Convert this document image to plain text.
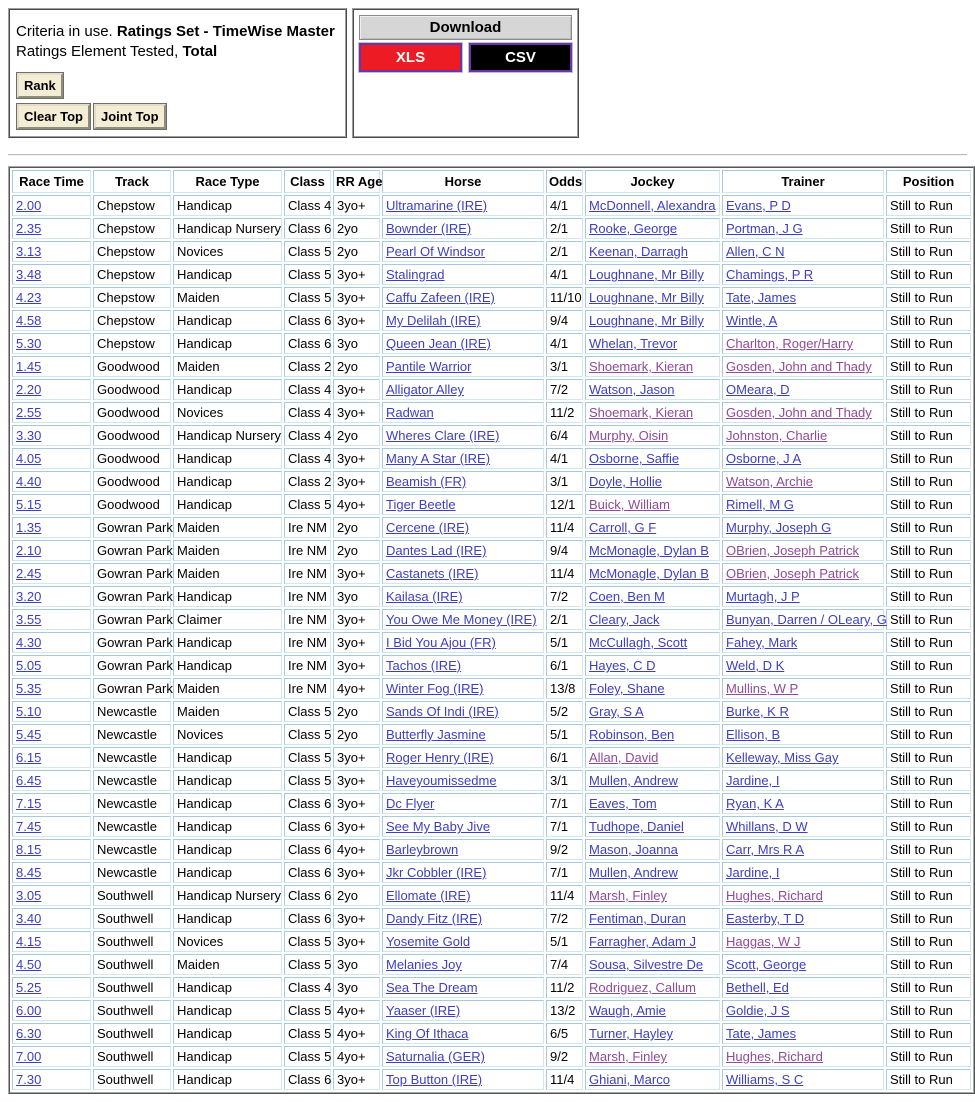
Criteria in use. Ratings Set - TimeWise Master
Ratings Element Tested, Total
Rank
Clear Top Joint Top
Download
XLS	CSV
Race Time	Track	Race Type	Class	RR Age	Horse	Odds	Jockey	Trainer	Position
2.00	Chepstow	Handicap	Class 4	3yo+	Ultramarine (IRE)	4/1	McDonnell, Alexandra	Evans, P D	Still to Run
2.35	Chepstow	Handicap Nursery	Class 6	2yo	Bownder (IRE)	2/1	Rooke, George	Portman, J G	Still to Run
3.13	Chepstow	Novices	Class 5	2yo	Pearl Of Windsor	2/1	Keenan, Darragh	Allen, C N	Still to Run
3.48	Chepstow	Handicap	Class 5	3yo+	Stalingrad	4/1	Loughnane, Mr Billy	Chamings, P R	Still to Run
4.23	Chepstow	Maiden	Class 5	3yo+	Caffu Zafeen (IRE)	11/10	Loughnane, Mr Billy	Tate, James	Still to Run
4.58	Chepstow	Handicap	Class 6	3yo+	My Delilah (IRE)	9/4	Loughnane, Mr Billy	Wintle, A	Still to Run
5.30	Chepstow	Handicap	Class 6	3yo	Queen Jean (IRE)	4/1	Whelan, Trevor	Charlton, Roger/Harry	Still to Run
1.45	Goodwood	Maiden	Class 2	2yo	Pantile Warrior	3/1	Shoemark, Kieran	Gosden, John and Thady	Still to Run
2.20	Goodwood	Handicap	Class 4	3yo+	Alligator Alley	7/2	Watson, Jason	OMeara, D	Still to Run
2.55	Goodwood	Novices	Class 4	3yo+	Radwan	11/2	Shoemark, Kieran	Gosden, John and Thady	Still to Run
3.30	Goodwood	Handicap Nursery	Class 4	2yo	Wheres Clare (IRE)	6/4	Murphy, Oisin	Johnston, Charlie	Still to Run
4.05	Goodwood	Handicap	Class 4	3yo+	Many A Star (IRE)	4/1	Osborne, Saffie	Osborne, J A	Still to Run
4.40	Goodwood	Handicap	Class 2	3yo+	Beamish (FR)	3/1	Doyle, Hollie	Watson, Archie	Still to Run
5.15	Goodwood	Handicap	Class 5	4yo+	Tiger Beetle	12/1	Buick, William	Rimell, M G	Still to Run
1.35	Gowran Park	Maiden	Ire NM	2yo	Cercene (IRE)	11/4	Carroll, G F	Murphy, Joseph G	Still to Run
2.10	Gowran Park	Maiden	Ire NM	2yo	Dantes Lad (IRE)	9/4	McMonagle, Dylan B	OBrien, Joseph Patrick	Still to Run
2.45	Gowran Park	Maiden	Ire NM	3yo+	Castanets (IRE)	11/4	McMonagle, Dylan B	OBrien, Joseph Patrick	Still to Run
3.20	Gowran Park	Handicap	Ire NM	3yo	Kailasa (IRE)	7/2	Coen, Ben M	Murtagh, J P	Still to Run
3.55	Gowran Park	Claimer	Ire NM	3yo+	You Owe Me Money (IRE)	2/1	Cleary, Jack	Bunyan, Darren / OLeary, G	Still to Run
4.30	Gowran Park	Handicap	Ire NM	3yo+	I Bid You Ajou (FR)	5/1	McCullagh, Scott	Fahey, Mark	Still to Run
5.05	Gowran Park	Handicap	Ire NM	3yo+	Tachos (IRE)	6/1	Hayes, C D	Weld, D K	Still to Run
5.35	Gowran Park	Maiden	Ire NM	4yo+	Winter Fog (IRE)	13/8	Foley, Shane	Mullins, W P	Still to Run
5.10	Newcastle	Maiden	Class 5	2yo	Sands Of Indi (IRE)	5/2	Gray, S A	Burke, K R	Still to Run
5.45	Newcastle	Novices	Class 5	2yo	Butterfly Jasmine	5/1	Robinson, Ben	Ellison, B	Still to Run
6.15	Newcastle	Handicap	Class 5	3yo+	Roger Henry (IRE)	6/1	Allan, David	Kelleway, Miss Gay	Still to Run
6.45	Newcastle	Handicap	Class 5	3yo+	Haveyoumissedme	3/1	Mullen, Andrew	Jardine, I	Still to Run
7.15	Newcastle	Handicap	Class 6	3yo+	Dc Flyer	7/1	Eaves, Tom	Ryan, K A	Still to Run
7.45	Newcastle	Handicap	Class 6	3yo+	See My Baby Jive	7/1	Tudhope, Daniel	Whillans, D W	Still to Run
8.15	Newcastle	Handicap	Class 6	4yo+	Barleybrown	9/2	Mason, Joanna	Carr, Mrs R A	Still to Run
8.45	Newcastle	Handicap	Class 6	3yo+	Jkr Cobbler (IRE)	7/1	Mullen, Andrew	Jardine, I	Still to Run
3.05	Southwell	Handicap Nursery	Class 6	2yo	Ellomate (IRE)	11/4	Marsh, Finley	Hughes, Richard	Still to Run
3.40	Southwell	Handicap	Class 6	3yo+	Dandy Fitz (IRE)	7/2	Fentiman, Duran	Easterby, T D	Still to Run
4.15	Southwell	Novices	Class 5	3yo+	Yosemite Gold	5/1	Farragher, Adam J	Haggas, W J	Still to Run
4.50	Southwell	Maiden	Class 5	3yo	Melanies Joy	7/4	Sousa, Silvestre De	Scott, George	Still to Run
5.25	Southwell	Handicap	Class 4	3yo	Sea The Dream	11/2	Rodriguez, Callum	Bethell, Ed	Still to Run
6.00	Southwell	Handicap	Class 5	4yo+	Yaaser (IRE)	13/2	Waugh, Amie	Goldie, J S	Still to Run
6.30	Southwell	Handicap	Class 5	4yo+	King Of Ithaca	6/5	Turner, Hayley	Tate, James	Still to Run
7.00	Southwell	Handicap	Class 5	4yo+	Saturnalia (GER)	9/2	Marsh, Finley	Hughes, Richard	Still to Run
7.30	Southwell	Handicap	Class 6	3yo+	Top Button (IRE)	11/4	Ghiani, Marco	Williams, S C	Still to Run
